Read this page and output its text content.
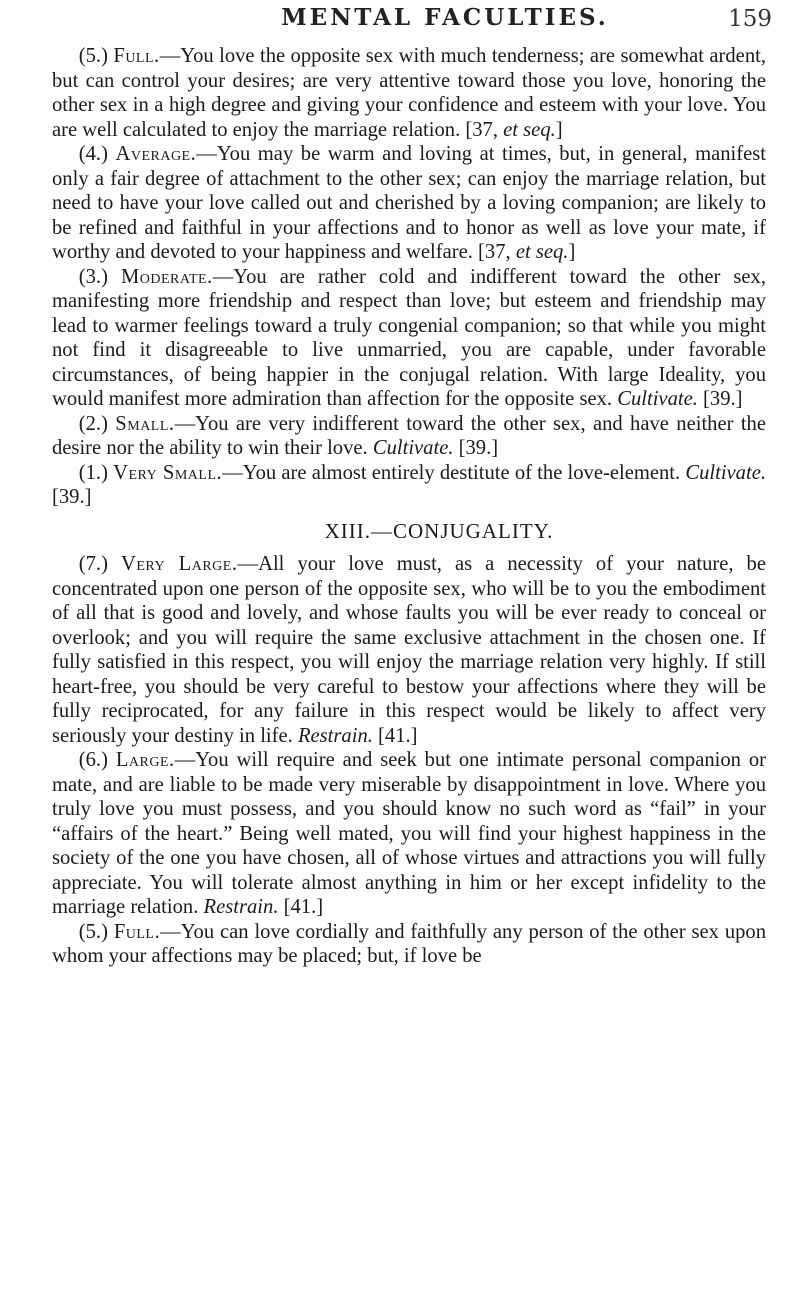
MENTAL FACULTIES.	159

(5.) Full.—You love the opposite sex with much tenderness; are somewhat ardent, but can control your desires; are very attentive toward those you love, honoring the other sex in a high degree and giving your confidence and esteem with your love. You are well calculated to enjoy the marriage relation. [37, et seq.]

(4.) Average.—You may be warm and loving at times, but, in general, manifest only a fair degree of attachment to the other sex; can enjoy the marriage relation, but need to have your love called out and cherished by a loving companion; are likely to be refined and faithful in your affections and to honor as well as love your mate, if worthy and devoted to your happiness and welfare. [37, et seq.]

(3.) Moderate.—You are rather cold and indifferent toward the other sex, manifesting more friendship and respect than love; but esteem and friendship may lead to warmer feelings toward a truly congenial companion; so that while you might not find it disagreeable to live unmarried, you are capable, under favorable circumstances, of being happier in the conjugal relation. With large Ideality, you would manifest more admiration than affection for the opposite sex. Cultivate. [39.]

(2.) Small.—You are very indifferent toward the other sex, and have neither the desire nor the ability to win their love. Cultivate. [39.]

(1.) Very Small.—You are almost entirely destitute of the love-element. Cultivate. [39.]

XIII.—CONJUGALITY.

(7.) Very Large.—All your love must, as a necessity of your nature, be concentrated upon one person of the opposite sex, who will be to you the embodiment of all that is good and lovely, and whose faults you will be ever ready to conceal or overlook; and you will require the same exclusive attachment in the chosen one. If fully satisfied in this respect, you will enjoy the marriage relation very highly. If still heart-free, you should be very careful to bestow your affections where they will be fully reciprocated, for any failure in this respect would be likely to affect very seriously your destiny in life. Restrain. [41.]

(6.) Large.—You will require and seek but one intimate personal companion or mate, and are liable to be made very miserable by disappointment in love. Where you truly love you must possess, and you should know no such word as “fail” in your “affairs of the heart.” Being well mated, you will find your highest happiness in the society of the one you have chosen, all of whose virtues and attractions you will fully appreciate. You will tolerate almost anything in him or her except infidelity to the marriage relation. Restrain. [41.]

(5.) Full.—You can love cordially and faithfully any person of the other sex upon whom your affections may be placed; but, if love be
